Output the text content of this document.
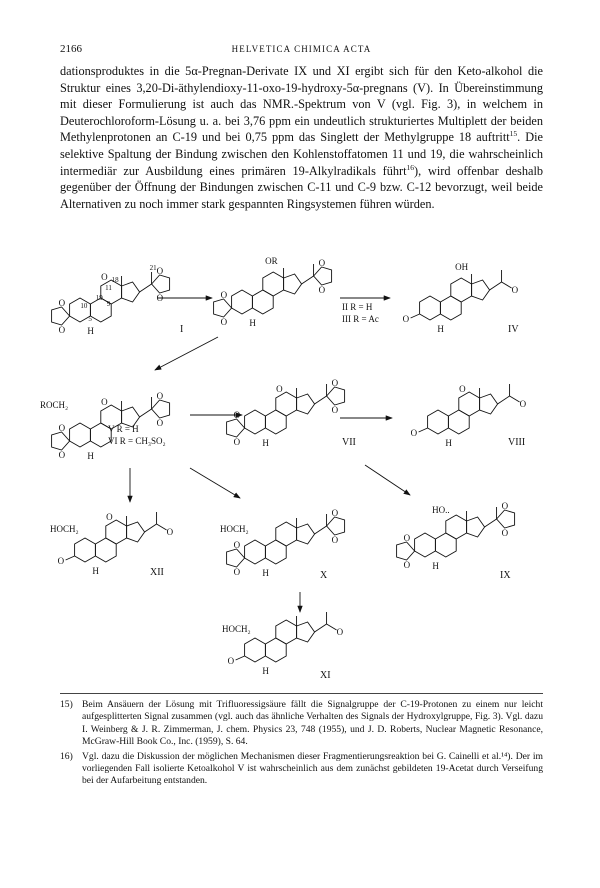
2166	HELVETICA CHIMICA ACTA

dationsproduktes in die 5α-Pregnan-Derivate IX und XI ergibt sich für den Keto-alkohol die Struktur eines 3,20-Di-äthylendioxy-11-oxo-19-hydroxy-5α-pregnans (V). In Übereinstimmung mit dieser Formulierung ist auch das NMR.-Spektrum von V (vgl. Fig. 3), in welchem in Deuterochloroform-Lösung u. a. bei 3,76 ppm ein undeutlich strukturiertes Multiplett der beiden Methylenprotonen an C-19 und bei 0,75 ppm das Singlett der Methylgruppe 18 auftritt$^{15}$. Die selektive Spaltung der Bindung zwischen den Kohlenstoffatomen 11 und 19, die wahrscheinlich intermediär zur Ausbildung eines primären 19-Alkylradikals führt$^{16}$), wird offenbar deshalb gegenüber der Öffnung der Bindungen zwischen C-11 und C-9 bzw. C-12 bevorzugt, weil beide Alternativen zu noch immer stark gespannten Ringsystemen führen würden.

O
O
O
O
H
O
19
9
11
18
21
10
5
I
O
O
O
O
H
OR
II R = H
III R = Ac	O
O
H
OH
IV
O
O
O
O
H
O
ROCH₂
V R = H
VI R = CH₃SO₂
O
O
O
O
H
O
VII
O
O
H
O
VIII
O
O
H
O
HOCH₂
XII
O
O
O
O
H
HOCH₂
X
O
O
O
O
H
HO..
IX
O
O
H
HOCH₂
XI
15) Beim Ansäuern der Lösung mit Trifluoressigsäure fällt die Signalgruppe der C-19-Protonen zu einem nur leicht aufgesplitterten Signal zusammen (vgl. auch das ähnliche Verhalten des Signals der Hydroxylgruppe, Fig. 3). Vgl. dazu I. Weinberg & J. R. Zimmerman, J. chem. Physics 23, 748 (1955), und J. D. Roberts, Nuclear Magnetic Resonance, McGraw-Hill Book Co., Inc. (1959), S. 64.
16) Vgl. dazu die Diskussion der möglichen Mechanismen dieser Fragmentierungsreaktion bei G. Cainelli et al.¹⁴). Der im vorliegenden Fall isolierte Ketoalkohol V ist wahrscheinlich aus dem zunächst gebildeten 19-Acetat durch Verseifung bei der Aufarbeitung entstanden.
